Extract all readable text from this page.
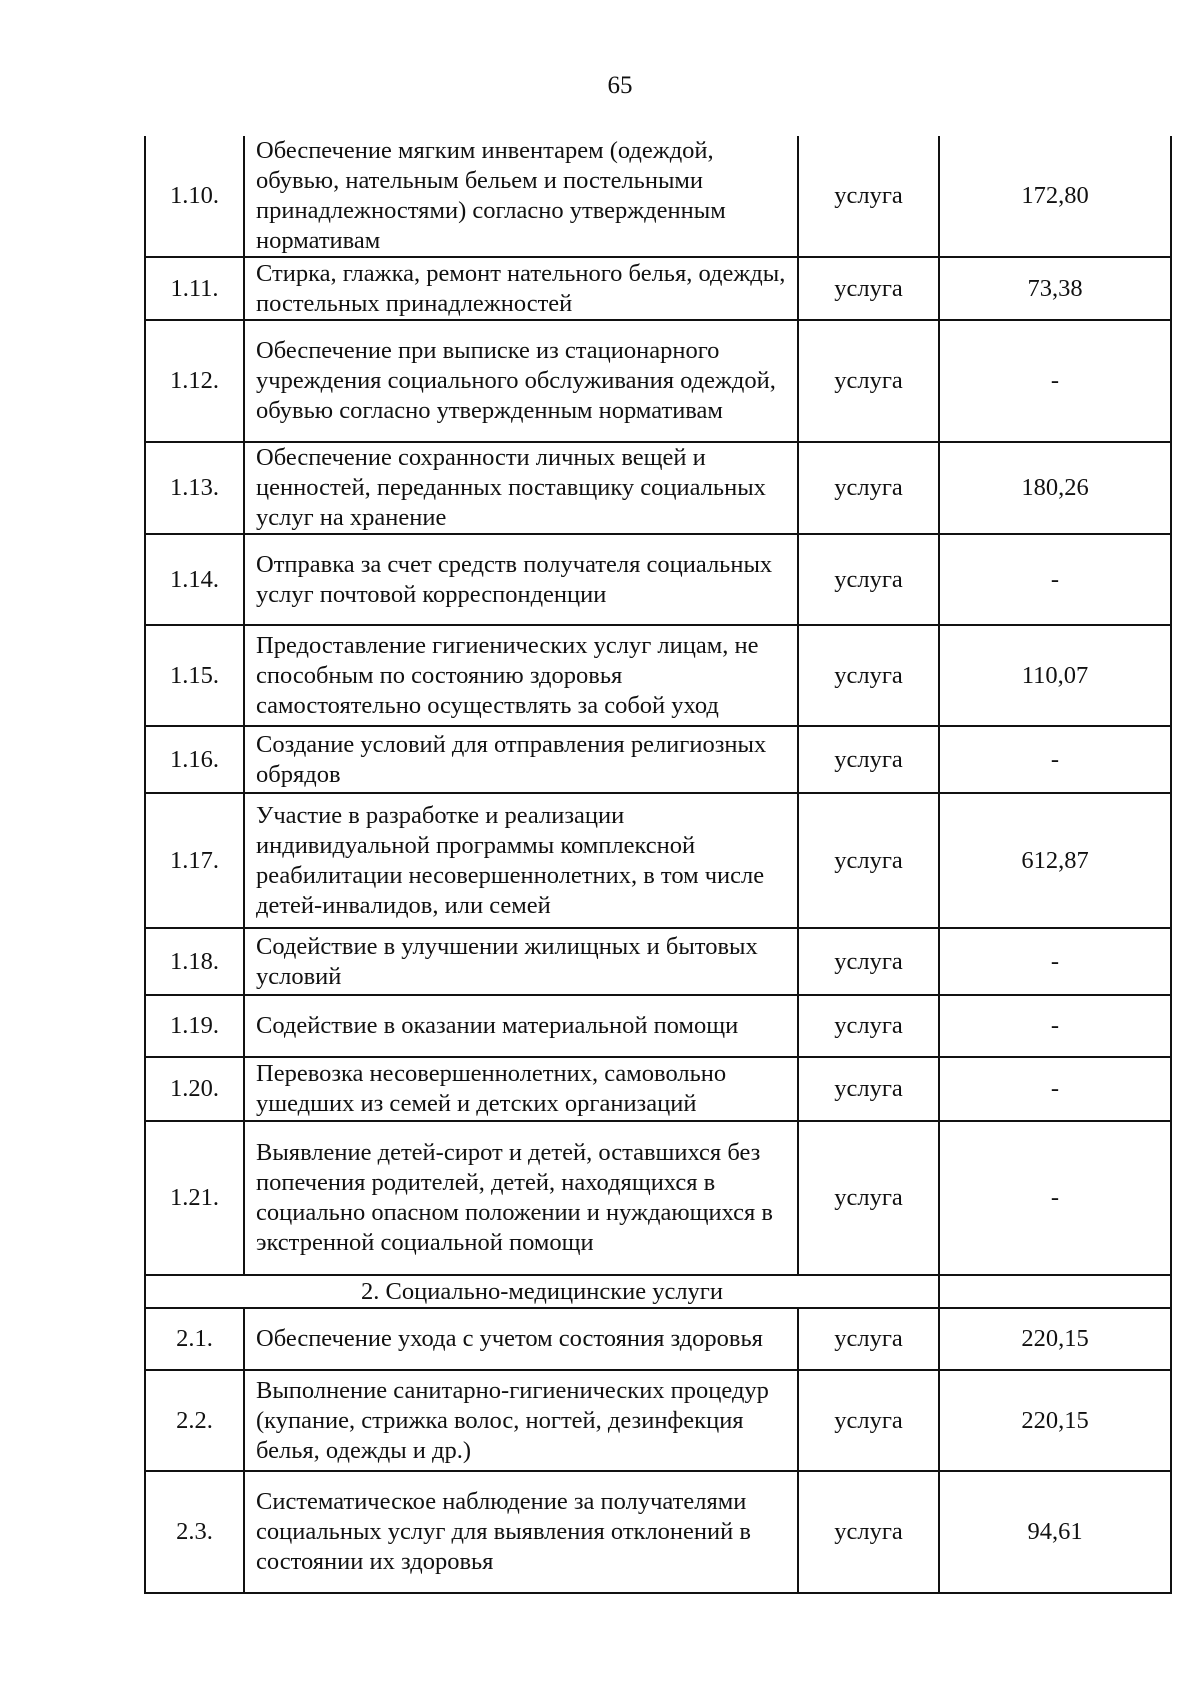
65
1.10.	Обеспечение мягким инвентарем (одеждой, обувью, нательным бельем и постельными принадлежностями) согласно утвержденным нормативам	услуга	172,80
1.11.	Стирка, глажка, ремонт нательного белья, одежды, постельных принадлежностей	услуга	73,38
1.12.	Обеспечение при выписке из стационарного учреждения социального обслуживания одеждой, обувью согласно утвержденным нормативам	услуга	-
1.13.	Обеспечение сохранности личных вещей и ценностей, переданных поставщику социальных услуг на хранение	услуга	180,26
1.14.	Отправка за счет средств получателя социальных услуг почтовой корреспонденции	услуга	-
1.15.	Предоставление гигиенических услуг лицам, не способным по состоянию здоровья самостоятельно осуществлять за собой уход	услуга	110,07
1.16.	Создание условий для отправления религиозных обрядов	услуга	-
1.17.	Участие в разработке и реализации индивидуальной программы комплексной реабилитации несовершеннолетних, в том числе детей-инвалидов, или семей	услуга	612,87
1.18.	Содействие в улучшении жилищных и бытовых условий	услуга	-
1.19.	Содействие в оказании материальной помощи	услуга	-
1.20.	Перевозка несовершеннолетних, самовольно ушедших из семей и детских организаций	услуга	-
1.21.	Выявление детей-сирот и детей, оставшихся без попечения родителей, детей, находящихся в социально опасном положении и нуждающихся в экстренной социальной помощи	услуга	-
2. Социально-медицинские услуги			
2.1.	Обеспечение ухода с учетом состояния здоровья	услуга	220,15
2.2.	Выполнение санитарно-гигиенических процедур (купание, стрижка волос, ногтей, дезинфекция белья, одежды и др.)	услуга	220,15
2.3.	Систематическое наблюдение за получателями социальных услуг для выявления отклонений в состоянии их здоровья	услуга	94,61
